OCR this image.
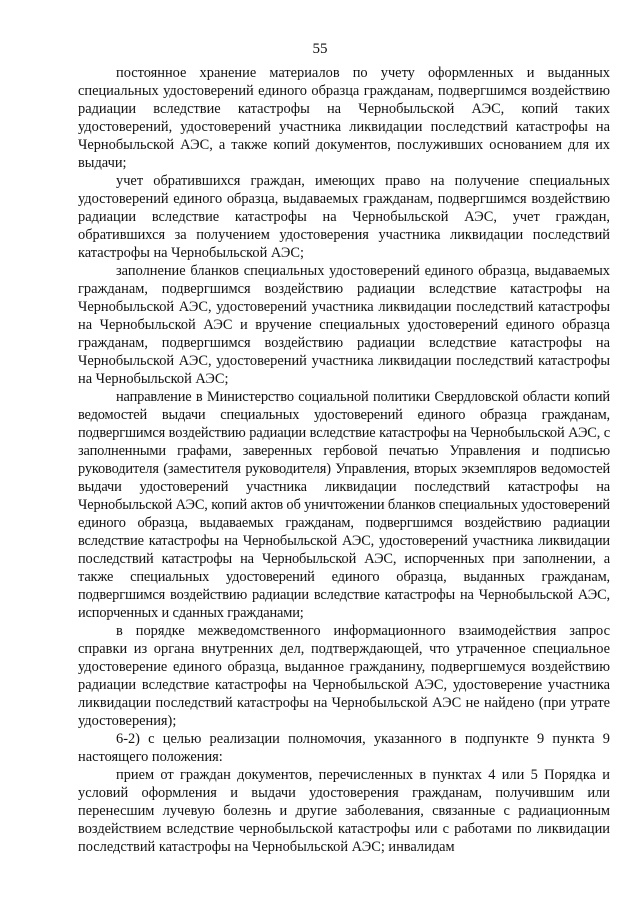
55

постоянное хранение материалов по учету оформленных и выданных специальных удостоверений единого образца гражданам, подвергшимся воздействию радиации вследствие катастрофы на Чернобыльской АЭС, копий таких удостоверений, удостоверений участника ликвидации последствий катастрофы на Чернобыльской АЭС, а также копий документов, послуживших основанием для их выдачи;

учет обратившихся граждан, имеющих право на получение специальных удостоверений единого образца, выдаваемых гражданам, подвергшимся воздействию радиации вследствие катастрофы на Чернобыльской АЭС, учет граждан, обратившихся за получением удостоверения участника ликвидации последствий катастрофы на Чернобыльской АЭС;

заполнение бланков специальных удостоверений единого образца, выдаваемых гражданам, подвергшимся воздействию радиации вследствие катастрофы на Чернобыльской АЭС, удостоверений участника ликвидации последствий катастрофы на Чернобыльской АЭС и вручение специальных удостоверений единого образца гражданам, подвергшимся воздействию радиации вследствие катастрофы на Чернобыльской АЭС, удостоверений участника ликвидации последствий катастрофы на Чернобыльской АЭС;

направление в Министерство социальной политики Свердловской области копий ведомостей выдачи специальных удостоверений единого образца гражданам, подвергшимся воздействию радиации вследствие катастрофы на Чернобыльской АЭС, с заполненными графами, заверенных гербовой печатью Управления и подписью руководителя (заместителя руководителя) Управления, вторых экземпляров ведомостей выдачи удостоверений участника ликвидации последствий катастрофы на Чернобыльской АЭС, копий актов об уничтожении бланков специальных удостоверений единого образца, выдаваемых гражданам, подвергшимся воздействию радиации вследствие катастрофы на Чернобыльской АЭС, удостоверений участника ликвидации последствий катастрофы на Чернобыльской АЭС, испорченных при заполнении, а также специальных удостоверений единого образца, выданных гражданам, подвергшимся воздействию радиации вследствие катастрофы на Чернобыльской АЭС, испорченных и сданных гражданами;

в порядке межведомственного информационного взаимодействия запрос справки из органа внутренних дел, подтверждающей, что утраченное специальное удостоверение единого образца, выданное гражданину, подвергшемуся воздействию радиации вследствие катастрофы на Чернобыльской АЭС, удостоверение участника ликвидации последствий катастрофы на Чернобыльской АЭС не найдено (при утрате удостоверения);

6-2) с целью реализации полномочия, указанного в подпункте 9 пункта 9 настоящего положения:

прием от граждан документов, перечисленных в пунктах 4 или 5 Порядка и условий оформления и выдачи удостоверения гражданам, получившим или перенесшим лучевую болезнь и другие заболевания, связанные с радиационным воздействием вследствие чернобыльской катастрофы или с работами по ликвидации последствий катастрофы на Чернобыльской АЭС; инвалидам
